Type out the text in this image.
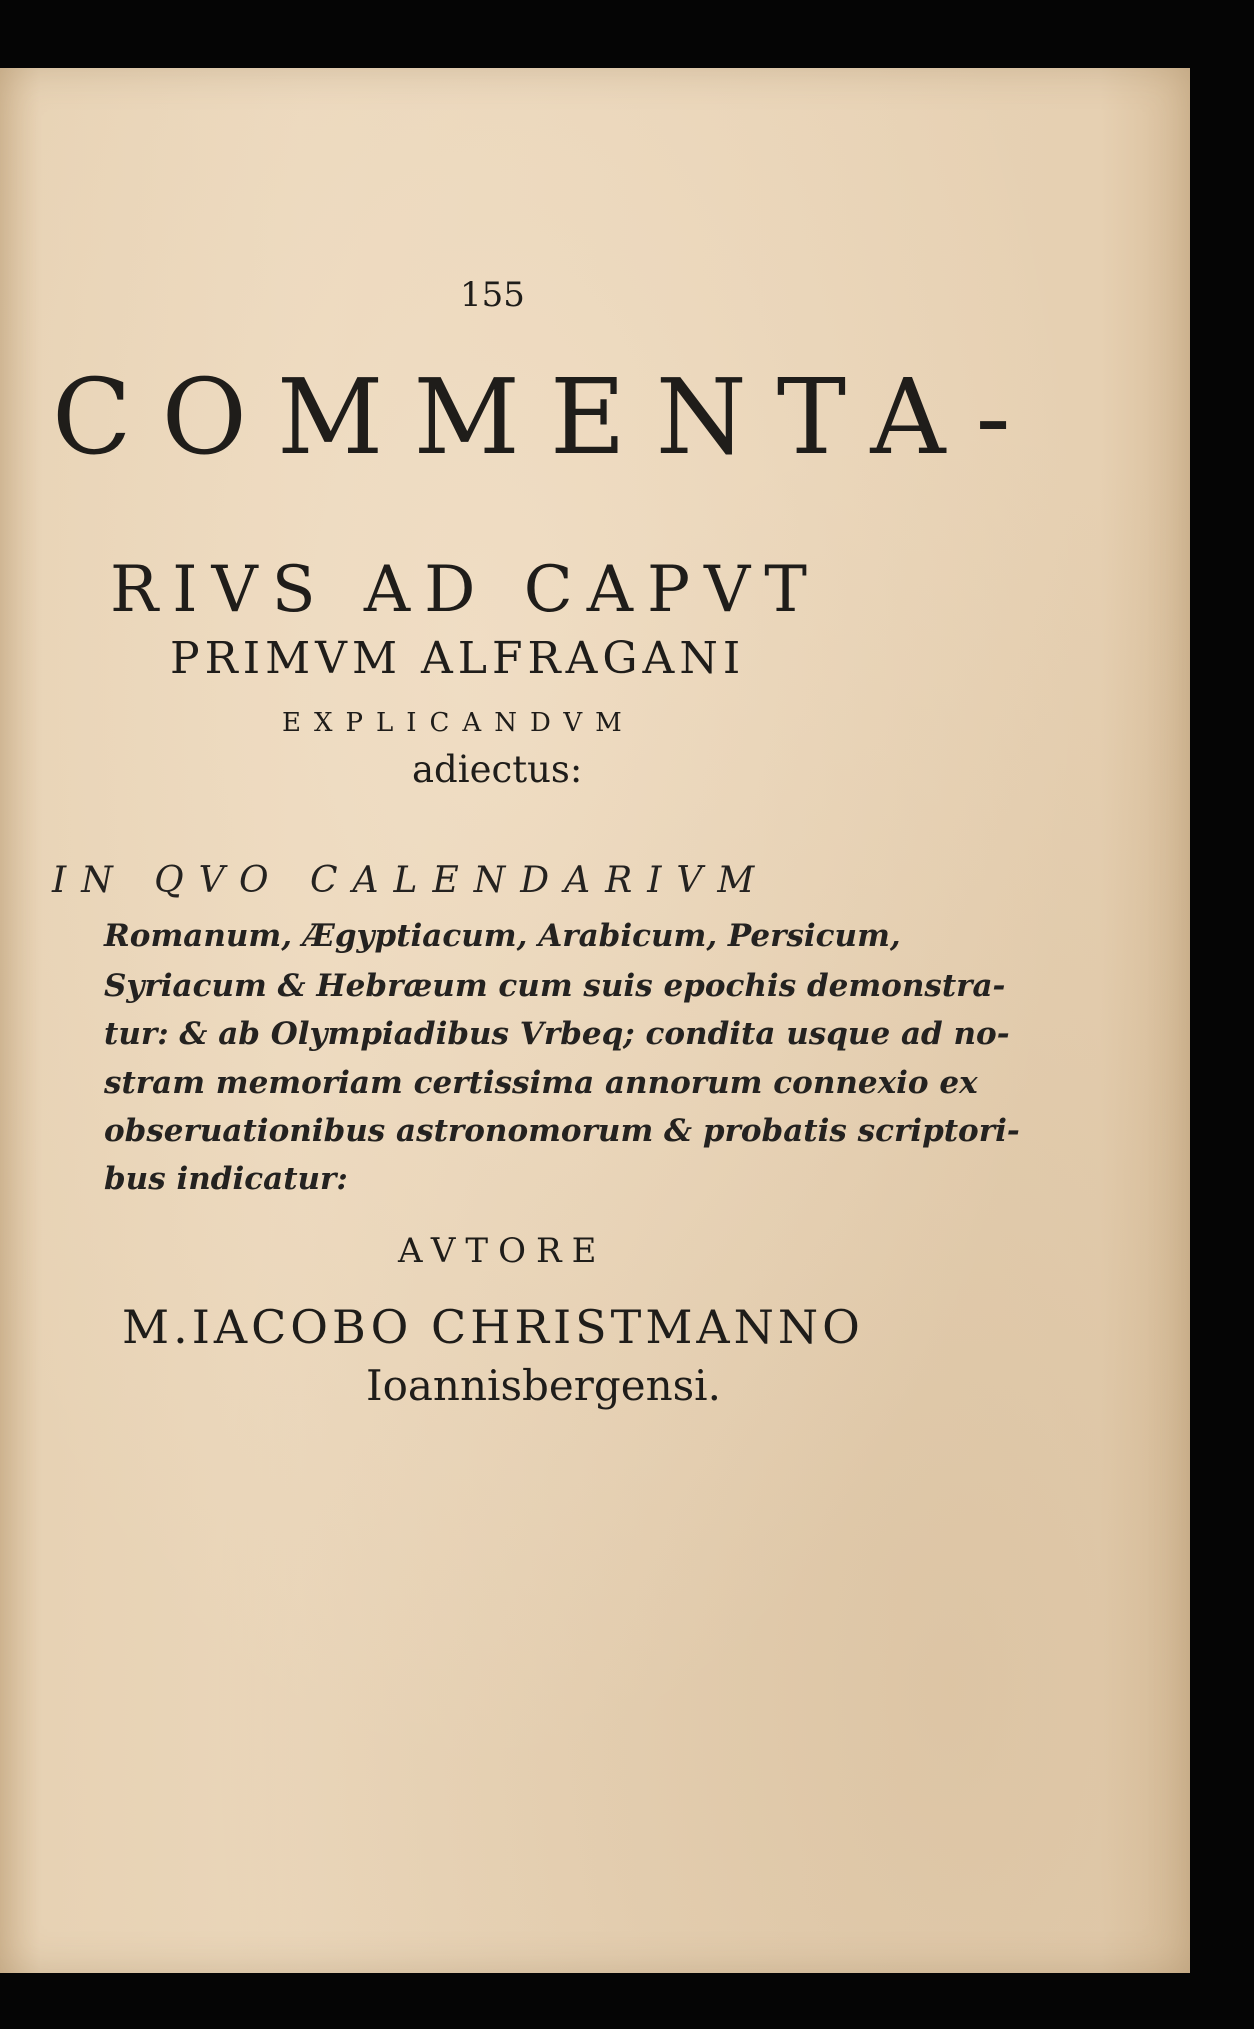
155
COMMENTA-
RIVS AD CAPVT
PRIMVM ALFRAGANI
EXPLICANDVM
adiectus:
IN QVO CALENDARIVM
Romanum, Ægyptiacum, Arabicum, Persicum,
Syriacum & Hebræum cum suis epochis demonstra-
tur: & ab Olympiadibus Vrbeq; condita usque ad no-
stram memoriam certissima annorum connexio ex
obseruationibus astronomorum & probatis scriptori-
bus indicatur:
AVTORE
M.IACOBO CHRISTMANNO
Ioannisbergensi.
